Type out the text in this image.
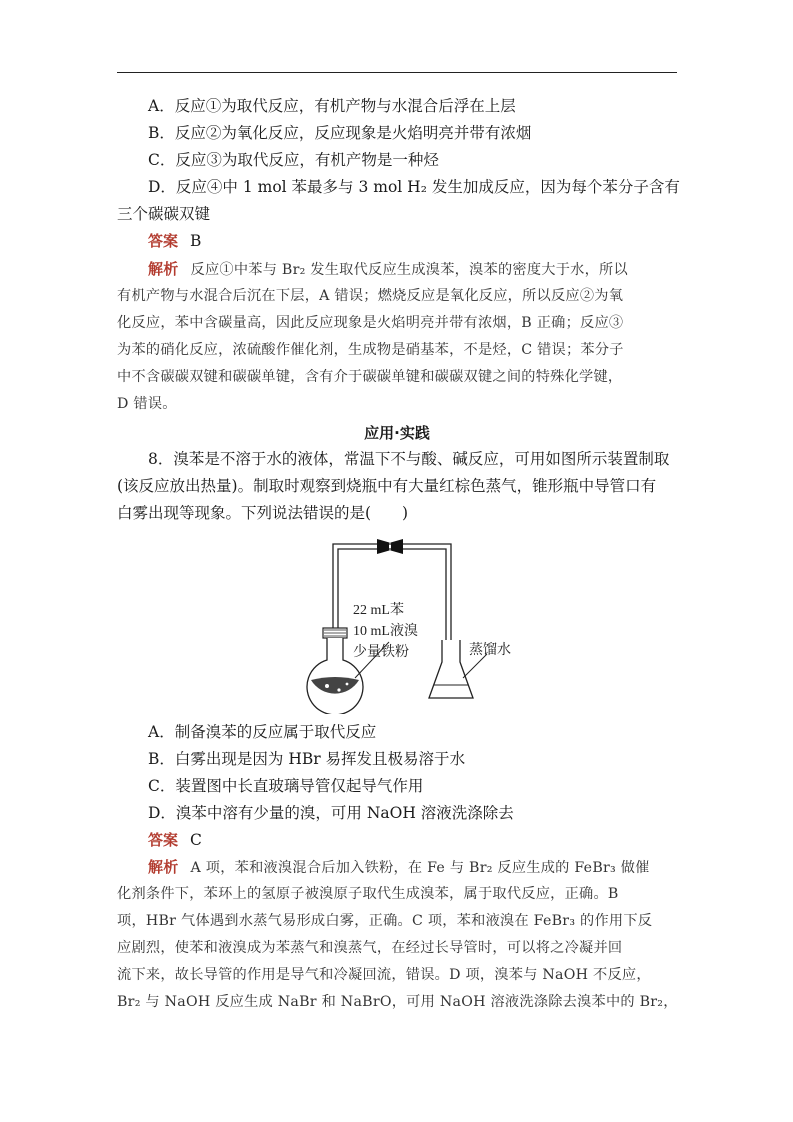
A．反应①为取代反应，有机产物与水混合后浮在上层
B．反应②为氧化反应，反应现象是火焰明亮并带有浓烟
C．反应③为取代反应，有机产物是一种烃
D．反应④中 1 mol 苯最多与 3 mol H₂ 发生加成反应，因为每个苯分子含有
三个碳碳双键
答案 B
解析 反应①中苯与 Br₂ 发生取代反应生成溴苯，溴苯的密度大于水，所以
有机产物与水混合后沉在下层，A 错误；燃烧反应是氧化反应，所以反应②为氧
化反应，苯中含碳量高，因此反应现象是火焰明亮并带有浓烟，B 正确；反应③
为苯的硝化反应，浓硫酸作催化剂，生成物是硝基苯，不是烃，C 错误；苯分子
中不含碳碳双键和碳碳单键，含有介于碳碳单键和碳碳双键之间的特殊化学键，
D 错误。
应用·实践
8．溴苯是不溶于水的液体，常温下不与酸、碱反应，可用如图所示装置制取
(该反应放出热量)。制取时观察到烧瓶中有大量红棕色蒸气，锥形瓶中导管口有
白雾出现等现象。下列说法错误的是(　　)
22 mL苯
10 mL液溴
少量铁粉	蒸馏水
A．制备溴苯的反应属于取代反应
B．白雾出现是因为 HBr 易挥发且极易溶于水
C．装置图中长直玻璃导管仅起导气作用
D．溴苯中溶有少量的溴，可用 NaOH 溶液洗涤除去
答案 C
解析 A 项，苯和液溴混合后加入铁粉，在 Fe 与 Br₂ 反应生成的 FeBr₃ 做催
化剂条件下，苯环上的氢原子被溴原子取代生成溴苯，属于取代反应，正确。B
项，HBr 气体遇到水蒸气易形成白雾，正确。C 项，苯和液溴在 FeBr₃ 的作用下反
应剧烈，使苯和液溴成为苯蒸气和溴蒸气，在经过长导管时，可以将之冷凝并回
流下来，故长导管的作用是导气和冷凝回流，错误。D 项，溴苯与 NaOH 不反应，
Br₂ 与 NaOH 反应生成 NaBr 和 NaBrO，可用 NaOH 溶液洗涤除去溴苯中的 Br₂，
